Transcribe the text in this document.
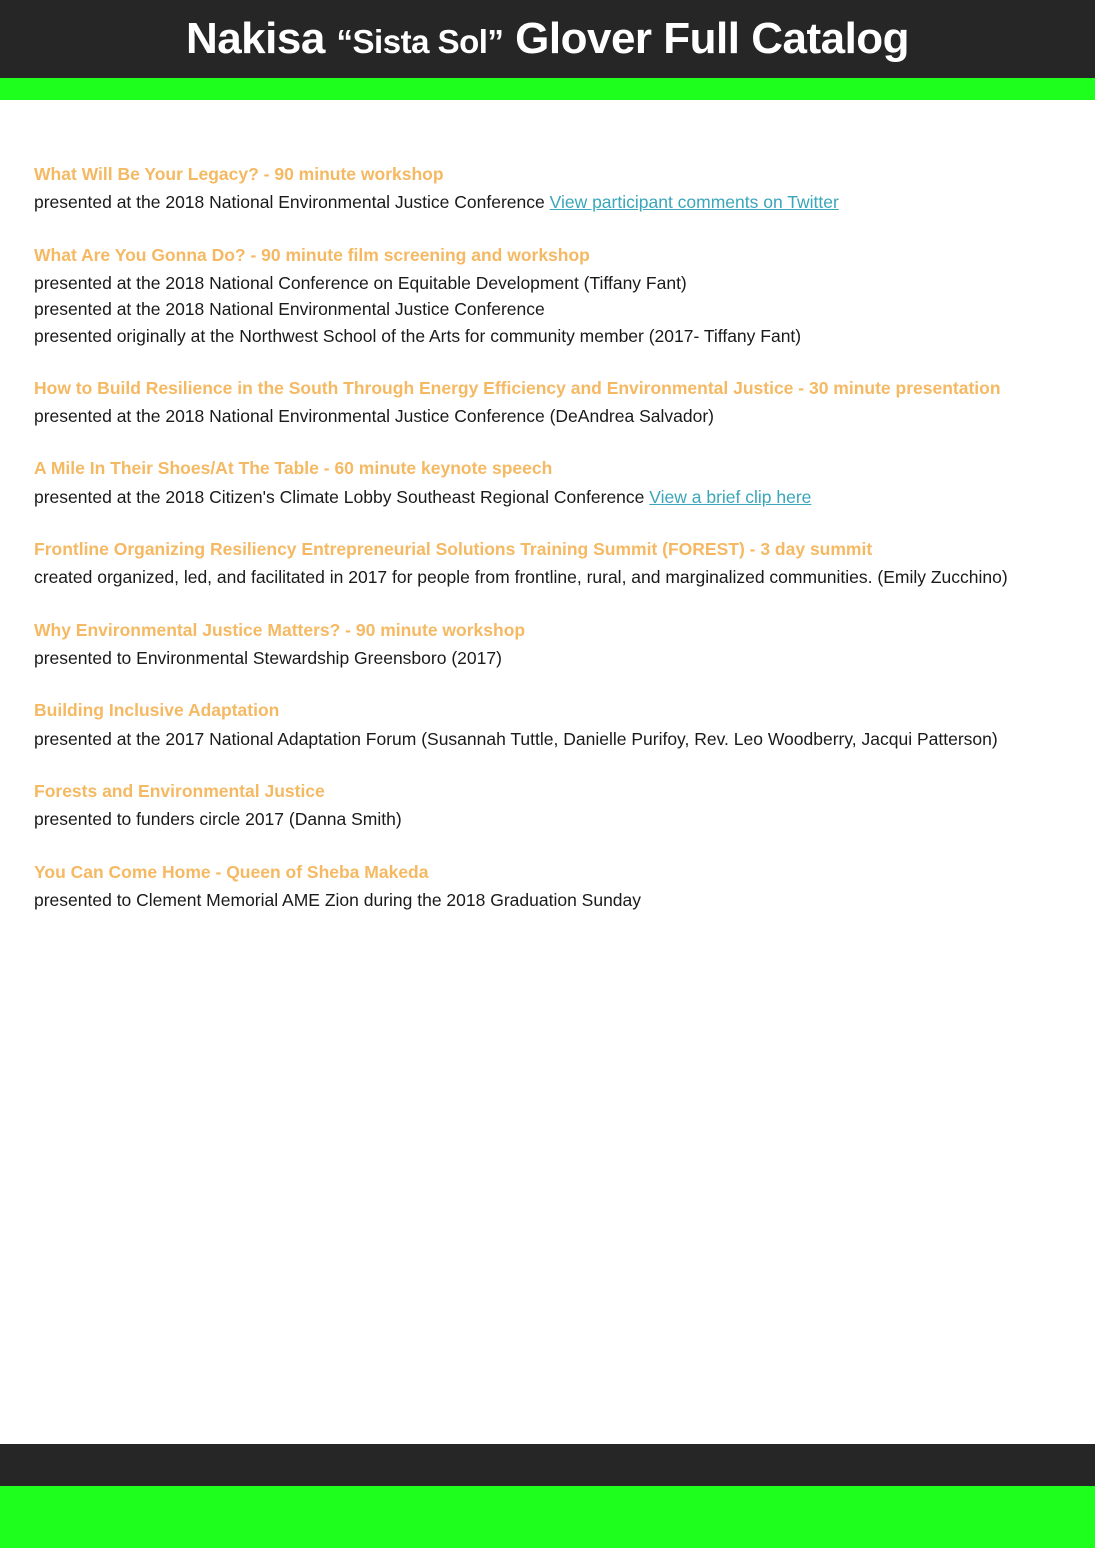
Nakisa “Sista Sol” Glover Full Catalog
What Will Be Your Legacy? - 90 minute workshop
presented at the 2018 National Environmental Justice Conference View participant comments on Twitter
What Are You Gonna Do? - 90 minute film screening and workshop
presented at the 2018 National Conference on Equitable Development (Tiffany Fant)
presented at the 2018 National Environmental Justice Conference
presented originally at the Northwest School of the Arts for community member (2017- Tiffany Fant)
How to Build Resilience in the South Through Energy Efficiency and Environmental Justice - 30 minute presentation
presented at the 2018 National Environmental Justice Conference (DeAndrea Salvador)
A Mile In Their Shoes/At The Table - 60 minute keynote speech
presented at the 2018 Citizen's Climate Lobby Southeast Regional Conference View a brief clip here
Frontline Organizing Resiliency Entrepreneurial Solutions Training Summit (FOREST) - 3 day summit
created organized, led, and facilitated in 2017 for people from frontline, rural, and marginalized communities. (Emily Zucchino)
Why Environmental Justice Matters? - 90 minute workshop
presented to Environmental Stewardship Greensboro (2017)
Building Inclusive Adaptation
presented at the 2017 National Adaptation Forum (Susannah Tuttle, Danielle Purifoy, Rev. Leo Woodberry, Jacqui Patterson)
Forests and Environmental Justice
presented to funders circle 2017 (Danna Smith)
You Can Come Home - Queen of Sheba Makeda
presented to Clement Memorial AME Zion during the 2018 Graduation Sunday
